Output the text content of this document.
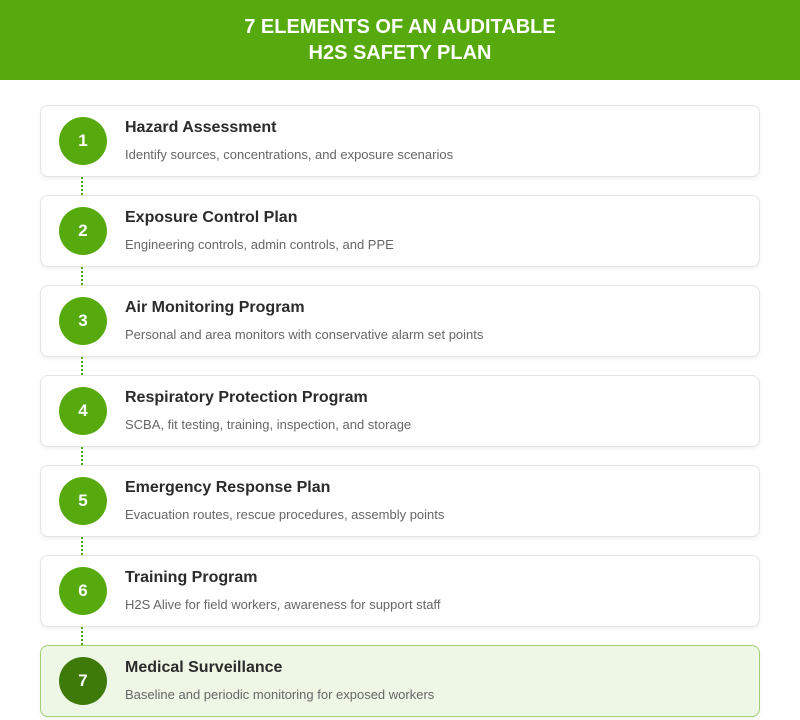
7 ELEMENTS OF AN AUDITABLE
H2S SAFETY PLAN
1
Hazard Assessment
Identify sources, concentrations, and exposure scenarios
2
Exposure Control Plan
Engineering controls, admin controls, and PPE
3
Air Monitoring Program
Personal and area monitors with conservative alarm set points
4
Respiratory Protection Program
SCBA, fit testing, training, inspection, and storage
5
Emergency Response Plan
Evacuation routes, rescue procedures, assembly points
6
Training Program
H2S Alive for field workers, awareness for support staff
7
Medical Surveillance
Baseline and periodic monitoring for exposed workers
